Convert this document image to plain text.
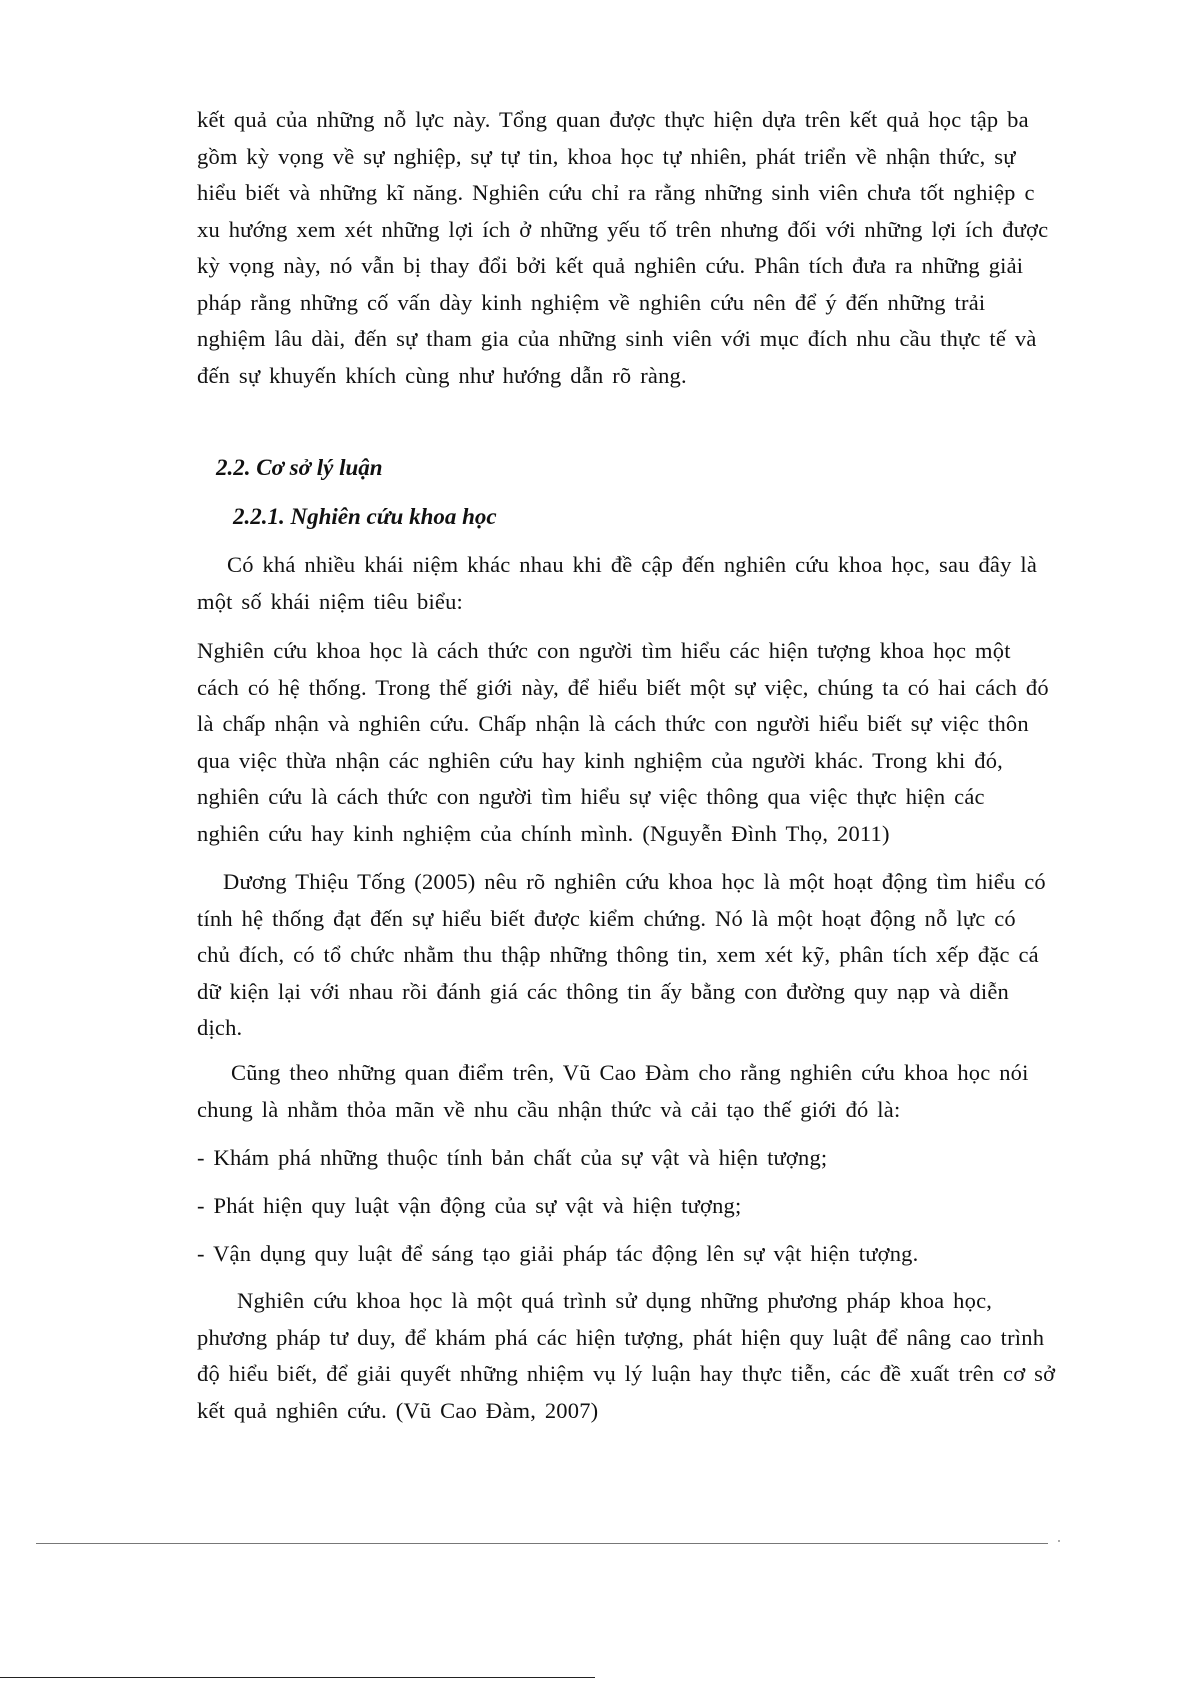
kết quả của những nỗ lực này. Tổng quan được thực hiện dựa trên kết quả học tập ba
gồm kỳ vọng về sự nghiệp, sự tự tin, khoa học tự nhiên, phát triển về nhận thức, sự
hiểu biết và những kĩ năng. Nghiên cứu chỉ ra rằng những sinh viên chưa tốt nghiệp c
xu hướng xem xét những lợi ích ở những yếu tố trên nhưng đối với những lợi ích được
kỳ vọng này, nó vẫn bị thay đổi bởi kết quả nghiên cứu. Phân tích đưa ra những giải
pháp rằng những cố vấn dày kinh nghiệm về nghiên cứu nên để ý đến những trải
nghiệm lâu dài, đến sự tham gia của những sinh viên với mục đích nhu cầu thực tế và
đến sự khuyến khích cùng như hướng dẫn rõ ràng.
2.2. Cơ sở lý luận
2.2.1. Nghiên cứu khoa học
Có khá nhiều khái niệm khác nhau khi đề cập đến nghiên cứu khoa học, sau đây là
một số khái niệm tiêu biểu:
Nghiên cứu khoa học là cách thức con người tìm hiểu các hiện tượng khoa học một
cách có hệ thống. Trong thế giới này, để hiểu biết một sự việc, chúng ta có hai cách đó
là chấp nhận và nghiên cứu. Chấp nhận là cách thức con người hiểu biết sự việc thôn
qua việc thừa nhận các nghiên cứu hay kinh nghiệm của người khác. Trong khi đó,
nghiên cứu là cách thức con người tìm hiểu sự việc thông qua việc thực hiện các
nghiên cứu hay kinh nghiệm của chính mình. (Nguyễn Đình Thọ, 2011)
Dương Thiệu Tống (2005) nêu rõ nghiên cứu khoa học là một hoạt động tìm hiểu có
tính hệ thống đạt đến sự hiểu biết được kiểm chứng. Nó là một hoạt động nỗ lực có
chủ đích, có tổ chức nhằm thu thập những thông tin, xem xét kỹ, phân tích xếp đặc cá
dữ kiện lại với nhau rồi đánh giá các thông tin ấy bằng con đường quy nạp và diễn
dịch.
Cũng theo những quan điểm trên, Vũ Cao Đàm cho rằng nghiên cứu khoa học nói
chung là nhằm thỏa mãn về nhu cầu nhận thức và cải tạo thế giới đó là:
- Khám phá những thuộc tính bản chất của sự vật và hiện tượng;
- Phát hiện quy luật vận động của sự vật và hiện tượng;
- Vận dụng quy luật để sáng tạo giải pháp tác động lên sự vật hiện tượng.
Nghiên cứu khoa học là một quá trình sử dụng những phương pháp khoa học,
phương pháp tư duy, để khám phá các hiện tượng, phát hiện quy luật để nâng cao trình
độ hiểu biết, để giải quyết những nhiệm vụ lý luận hay thực tiễn, các đề xuất trên cơ sở
kết quả nghiên cứu. (Vũ Cao Đàm, 2007)
